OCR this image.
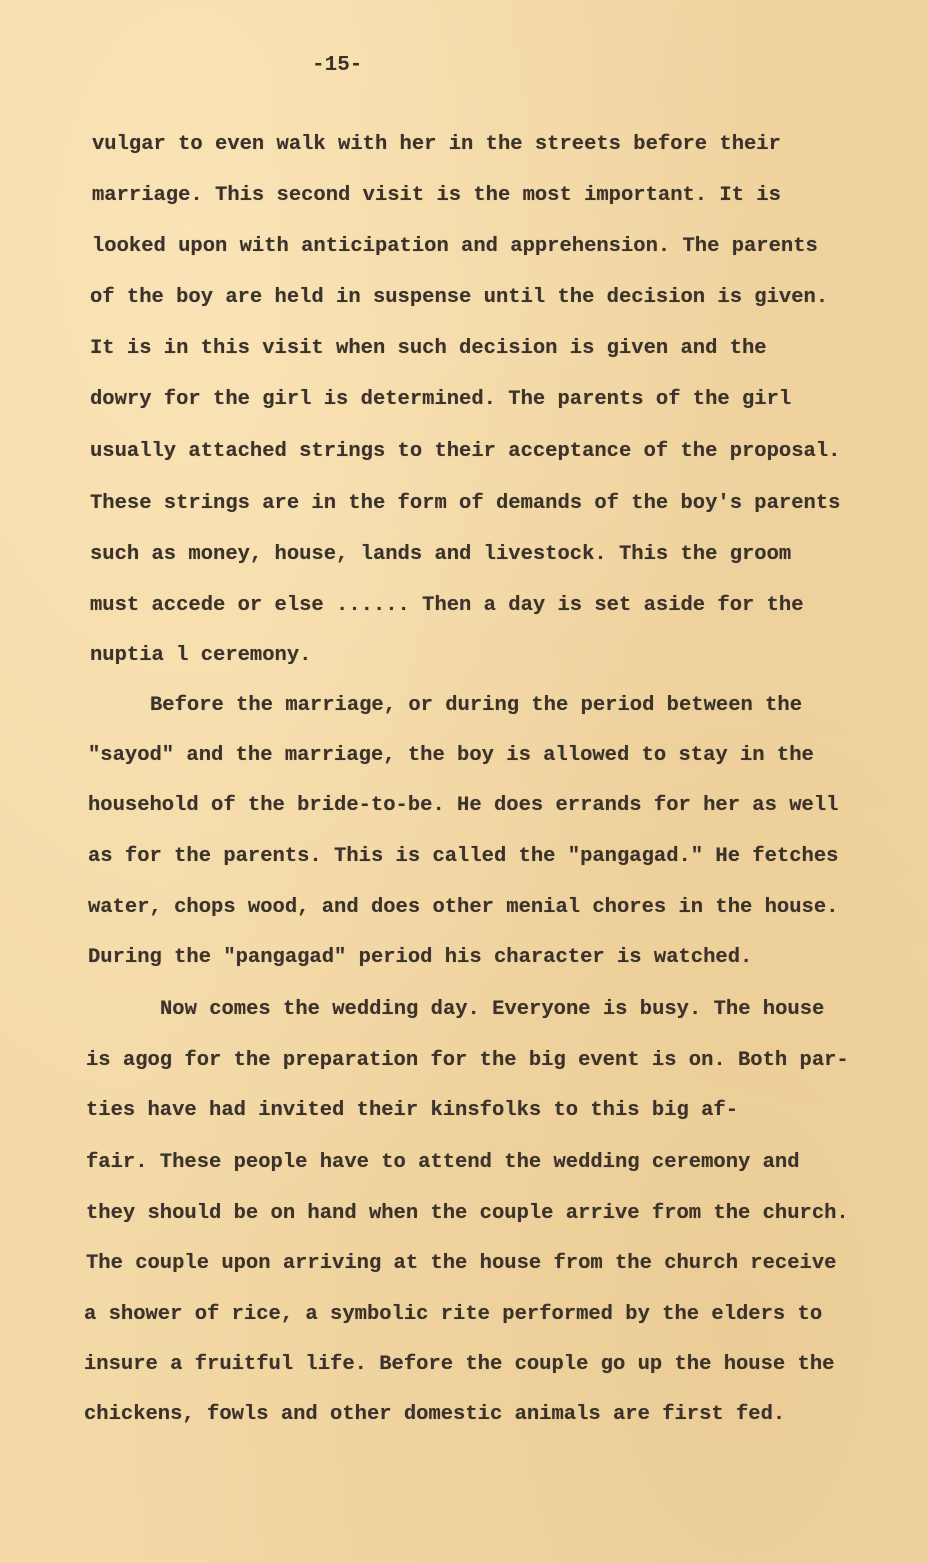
-15-
vulgar to even walk with her in the streets before their
marriage. This second visit is the most important. It is
looked upon with anticipation and apprehension. The parents
of the boy are held in suspense until the decision is given.
It is in this visit when such decision is given and the
dowry for the girl is determined. The parents of the girl
usually attached strings to their acceptance of the proposal.
These strings are in the form of demands of the boy's parents
such as money, house, lands and livestock. This the groom
must accede or else ...... Then a day is set aside for the
nuptia l ceremony.
Before the marriage, or during the period between the
"sayod" and the marriage, the boy is allowed to stay in the
household of the bride-to-be. He does errands for her as well
as for the parents. This is called the "pangagad." He fetches
water, chops wood, and does other menial chores in the house.
During the "pangagad" period his character is watched.
Now comes the wedding day. Everyone is busy. The house
is agog for the preparation for the big event is on. Both par-
ties have had invited their kinsfolks to this big af-
fair. These people have to attend the wedding ceremony and
they should be on hand when the couple arrive from the church.
The couple upon arriving at the house from the church receive
a shower of rice, a symbolic rite performed by the elders to
insure a fruitful life. Before the couple go up the house the
chickens, fowls and other domestic animals are first fed.
